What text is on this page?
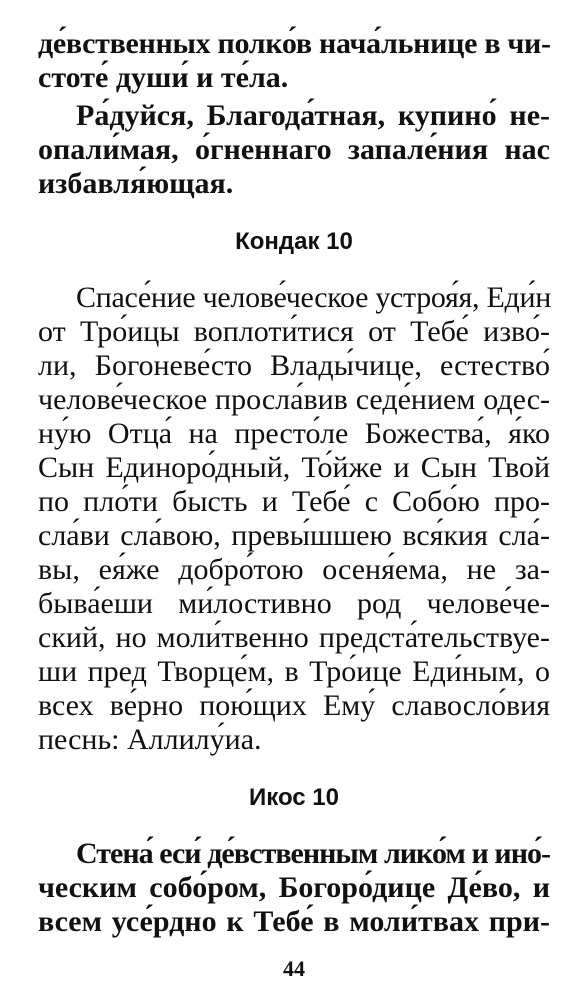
де́вственных полко́в нача́льнице в чи-
стоте́ души́ и те́ла.
Ра́дуйся, Благода́тная, купино́ не-
опали́мая, о́гненнаго запале́ния нас
избавля́ющая.
Кондак 10
Спасе́ние челове́ческое устроя́я, Еди́н
от Тро́ицы воплоти́тися от Тебе́ изво́-
ли, Богоневе́сто Влады́чице, естество́
челове́ческое просла́вив седе́нием одес-
ну́ю Отца́ на престо́ле Божества́, я́ко
Сын Единоро́дный, То́йже и Сын Твой
по пло́ти бысть и Тебе́ с Собо́ю про-
сла́ви сла́вою, превы́шшею вся́кия сла́-
вы, ея́же добро́тою осеня́ема, не за-
быва́еши ми́лостивно род челове́че-
ский, но моли́твенно предста́тельствуе-
ши пред Творце́м, в Тро́ице Еди́ным, о
всех ве́рно пою́щих Ему́ славосло́вия
песнь: Аллилу́иа.
Икос 10
Стена́ еси́ де́вственным лико́м и ино́-
ческим собо́ром, Богоро́дице Де́во, и
всем усе́рдно к Тебе́ в моли́твах при-
44
